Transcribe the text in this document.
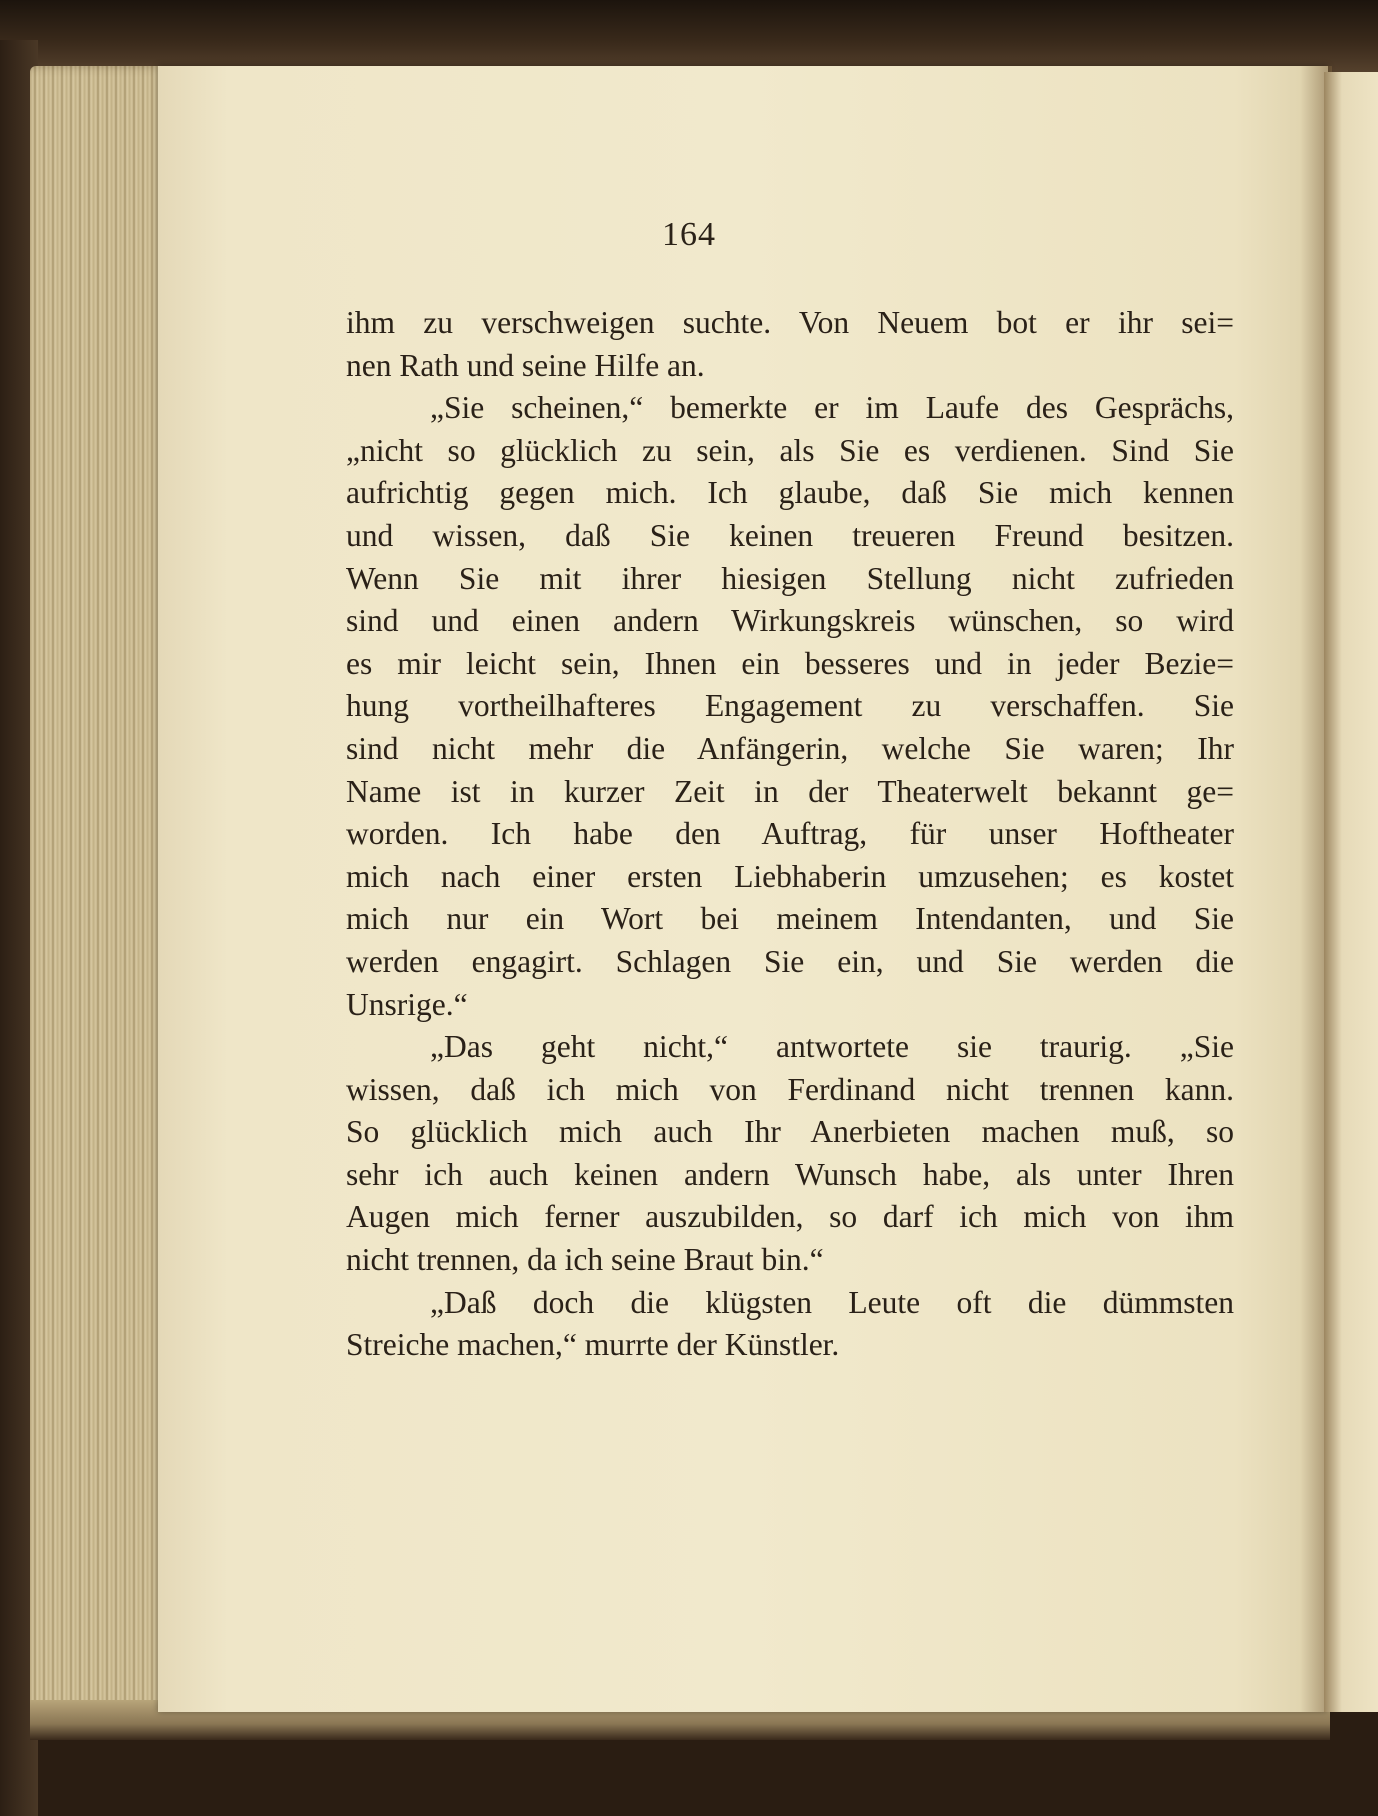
164
ihm zu verschweigen suchte. Von Neuem bot er ihr sei=
nen Rath und seine Hilfe an.
„Sie scheinen,“ bemerkte er im Laufe des Gesprächs,
„nicht so glücklich zu sein, als Sie es verdienen. Sind Sie
aufrichtig gegen mich. Ich glaube, daß Sie mich kennen
und wissen, daß Sie keinen treueren Freund besitzen.
Wenn Sie mit ihrer hiesigen Stellung nicht zufrieden
sind und einen andern Wirkungskreis wünschen, so wird
es mir leicht sein, Ihnen ein besseres und in jeder Bezie=
hung vortheilhafteres Engagement zu verschaffen. Sie
sind nicht mehr die Anfängerin, welche Sie waren; Ihr
Name ist in kurzer Zeit in der Theaterwelt bekannt ge=
worden. Ich habe den Auftrag, für unser Hoftheater
mich nach einer ersten Liebhaberin umzusehen; es kostet
mich nur ein Wort bei meinem Intendanten, und Sie
werden engagirt. Schlagen Sie ein, und Sie werden die
Unsrige.“
„Das geht nicht,“ antwortete sie traurig. „Sie
wissen, daß ich mich von Ferdinand nicht trennen kann.
So glücklich mich auch Ihr Anerbieten machen muß, so
sehr ich auch keinen andern Wunsch habe, als unter Ihren
Augen mich ferner auszubilden, so darf ich mich von ihm
nicht trennen, da ich seine Braut bin.“
„Daß doch die klügsten Leute oft die dümmsten
Streiche machen,“ murrte der Künstler.
